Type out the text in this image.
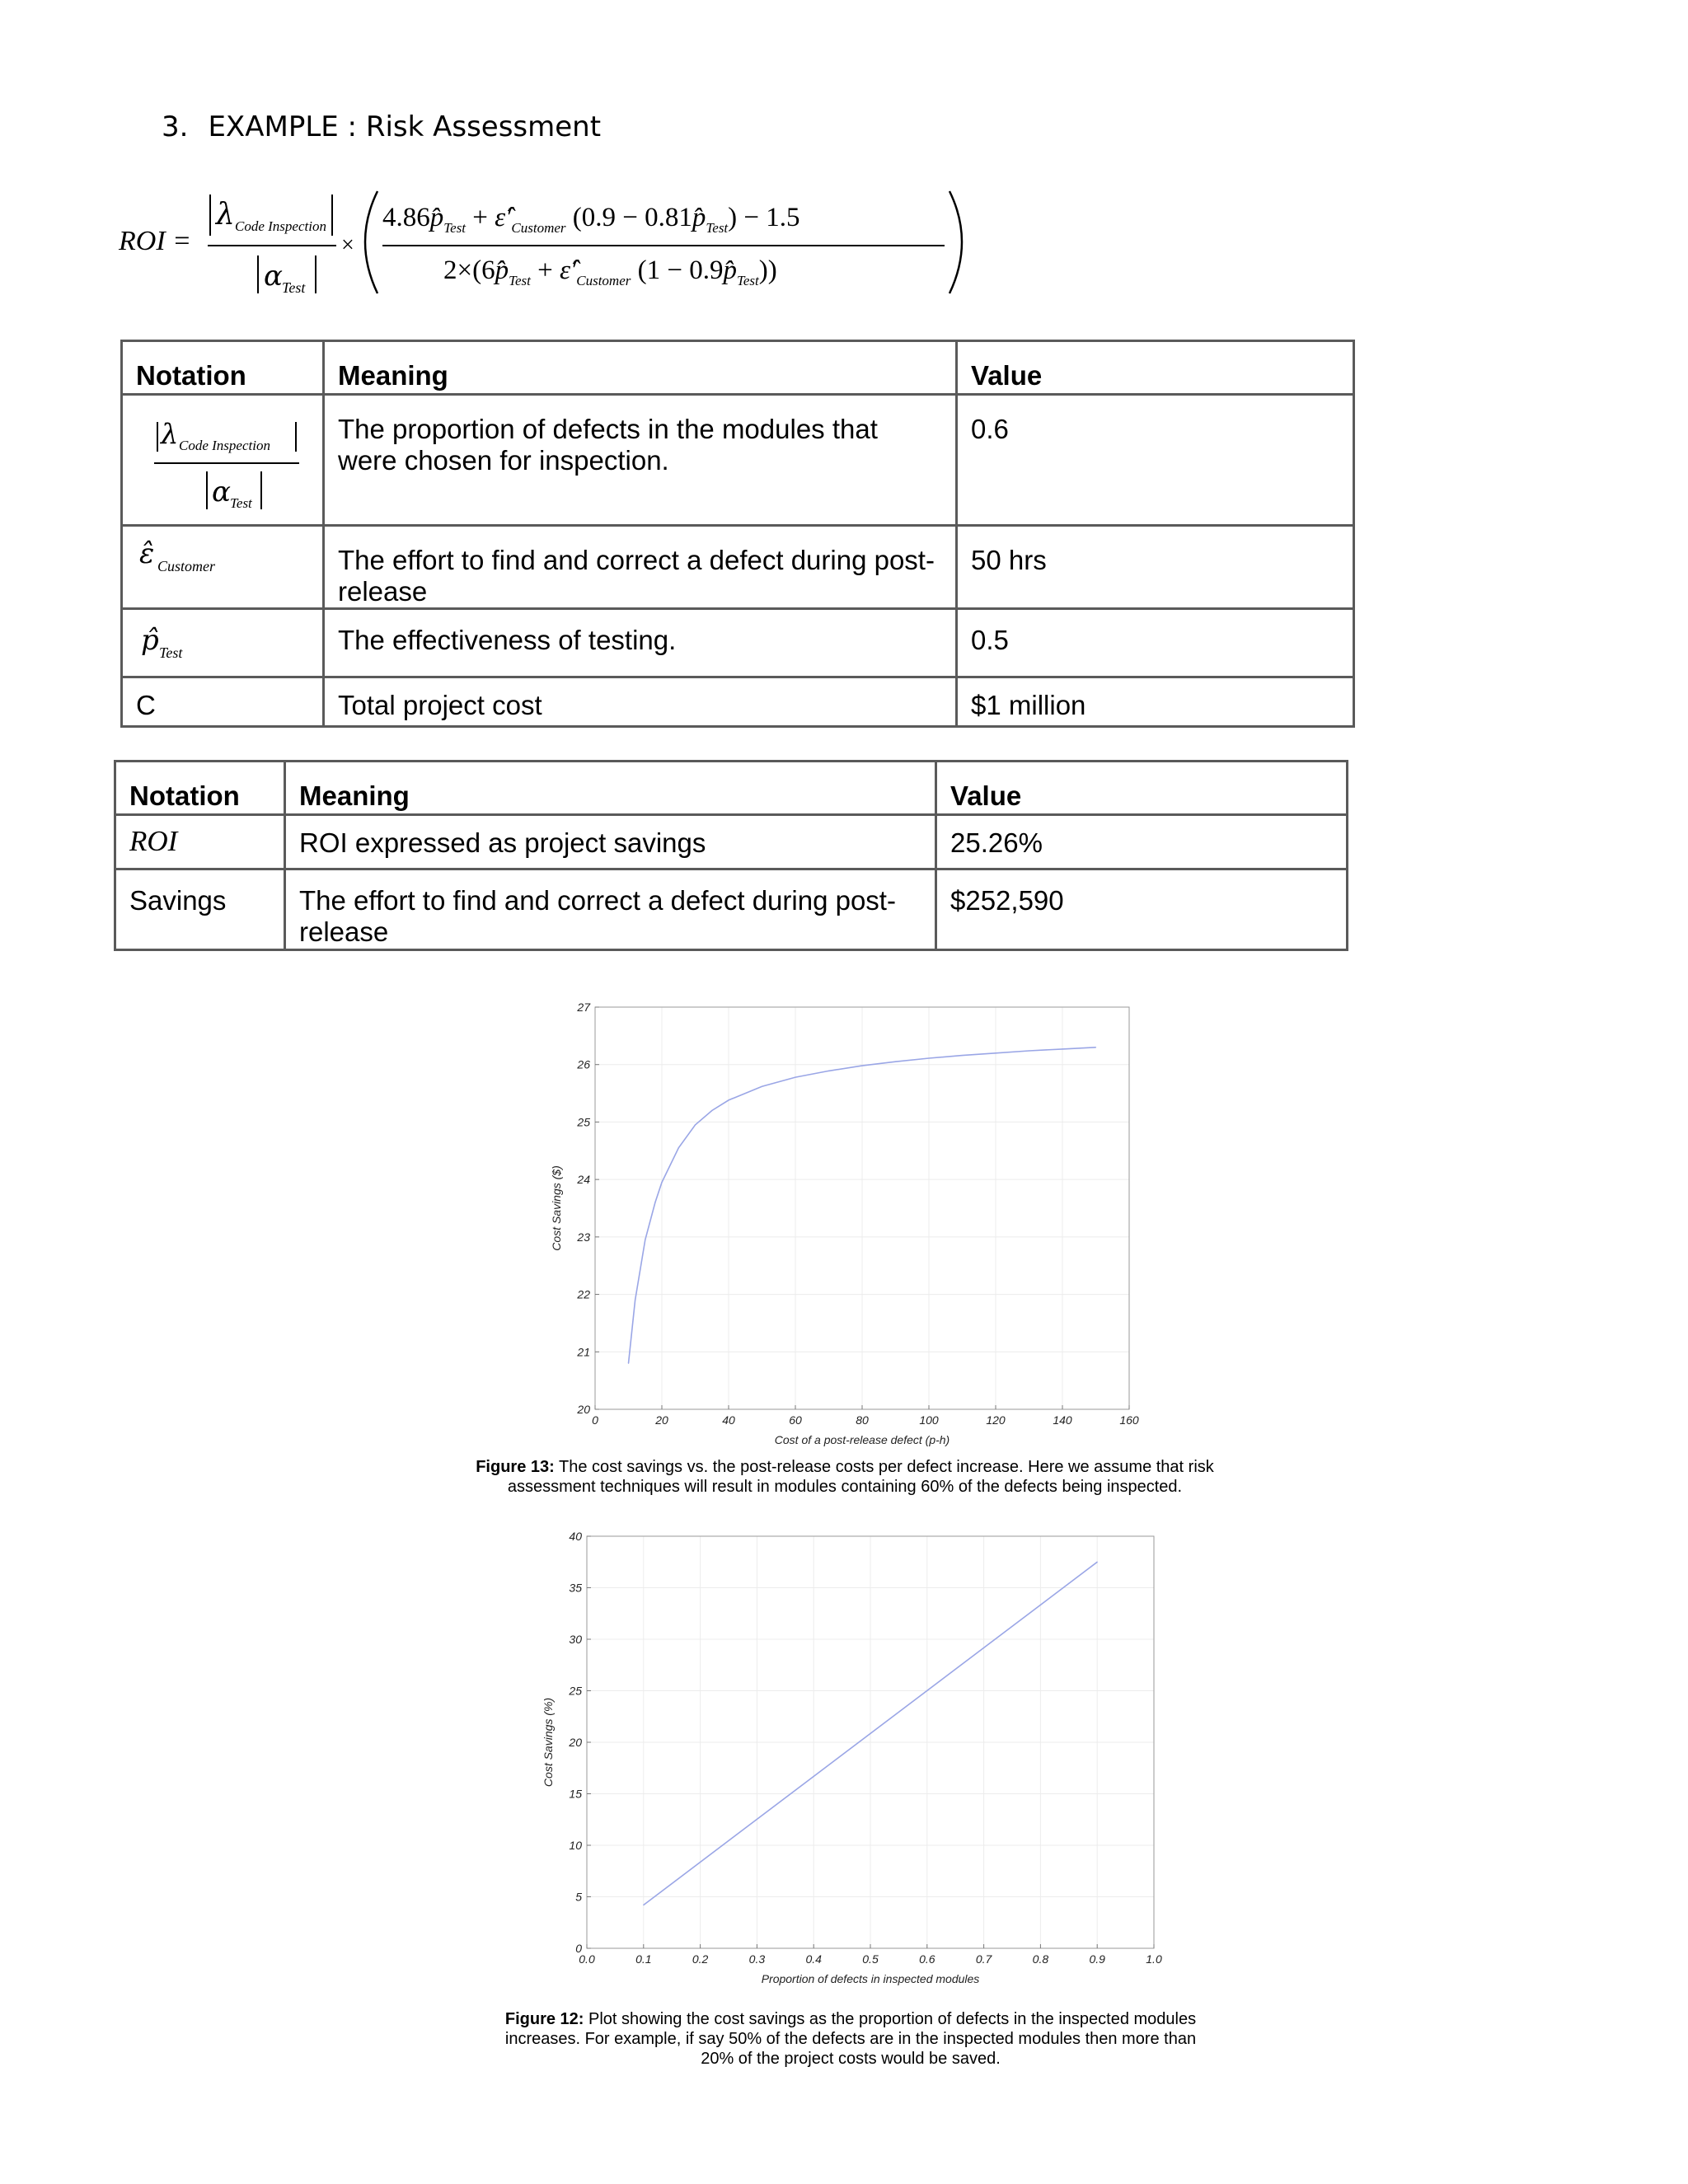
3. EXAMPLE : Risk Assessment
ROI =
λ Code Inspection
α Test
×
$4.86p̂_{Test}$ + $\varepsilon̂'_{Customer}$ $(0.9 - 0.81p̂_{Test}) - 1.5$
$2\times(6p̂_{Test}$ + $\varepsilon̂'_{Customer}$ $(1 - 0.9p̂_{Test})$)
Notation	Meaning	Value

λ Code Inspection
α Test	The proportion of defects in the modules that were chosen for inspection.	0.6

ε̂ Customer	The effort to find and correct a defect during post-release	50 hrs

p̂ Test	The effectiveness of testing.	0.5

C	Total project cost	$1 million
Notation	Meaning	Value

ROI	ROI expressed as project savings	25.26%

Savings	The effort to find and correct a defect during post-release	$252,590
0	20	40	60	80	100	120	140	160
20
21
22
23
24
25
26
27
Cost of a post-release defect (p-h)
Cost Savings ($)
Figure 13: The cost savings vs. the post-release costs per defect increase. Here we assume that risk assessment techniques will result in modules containing 60% of the defects being inspected.
0.0	0.1	0.2	0.3	0.4	0.5	0.6	0.7	0.8	0.9	1.0
0
5
10
15
20
25
30
35
40
Proportion of defects in inspected modules
Cost Savings (%)
Figure 12: Plot showing the cost savings as the proportion of defects in the inspected modules increases. For example, if say 50% of the defects are in the inspected modules then more than 20% of the project costs would be saved.
